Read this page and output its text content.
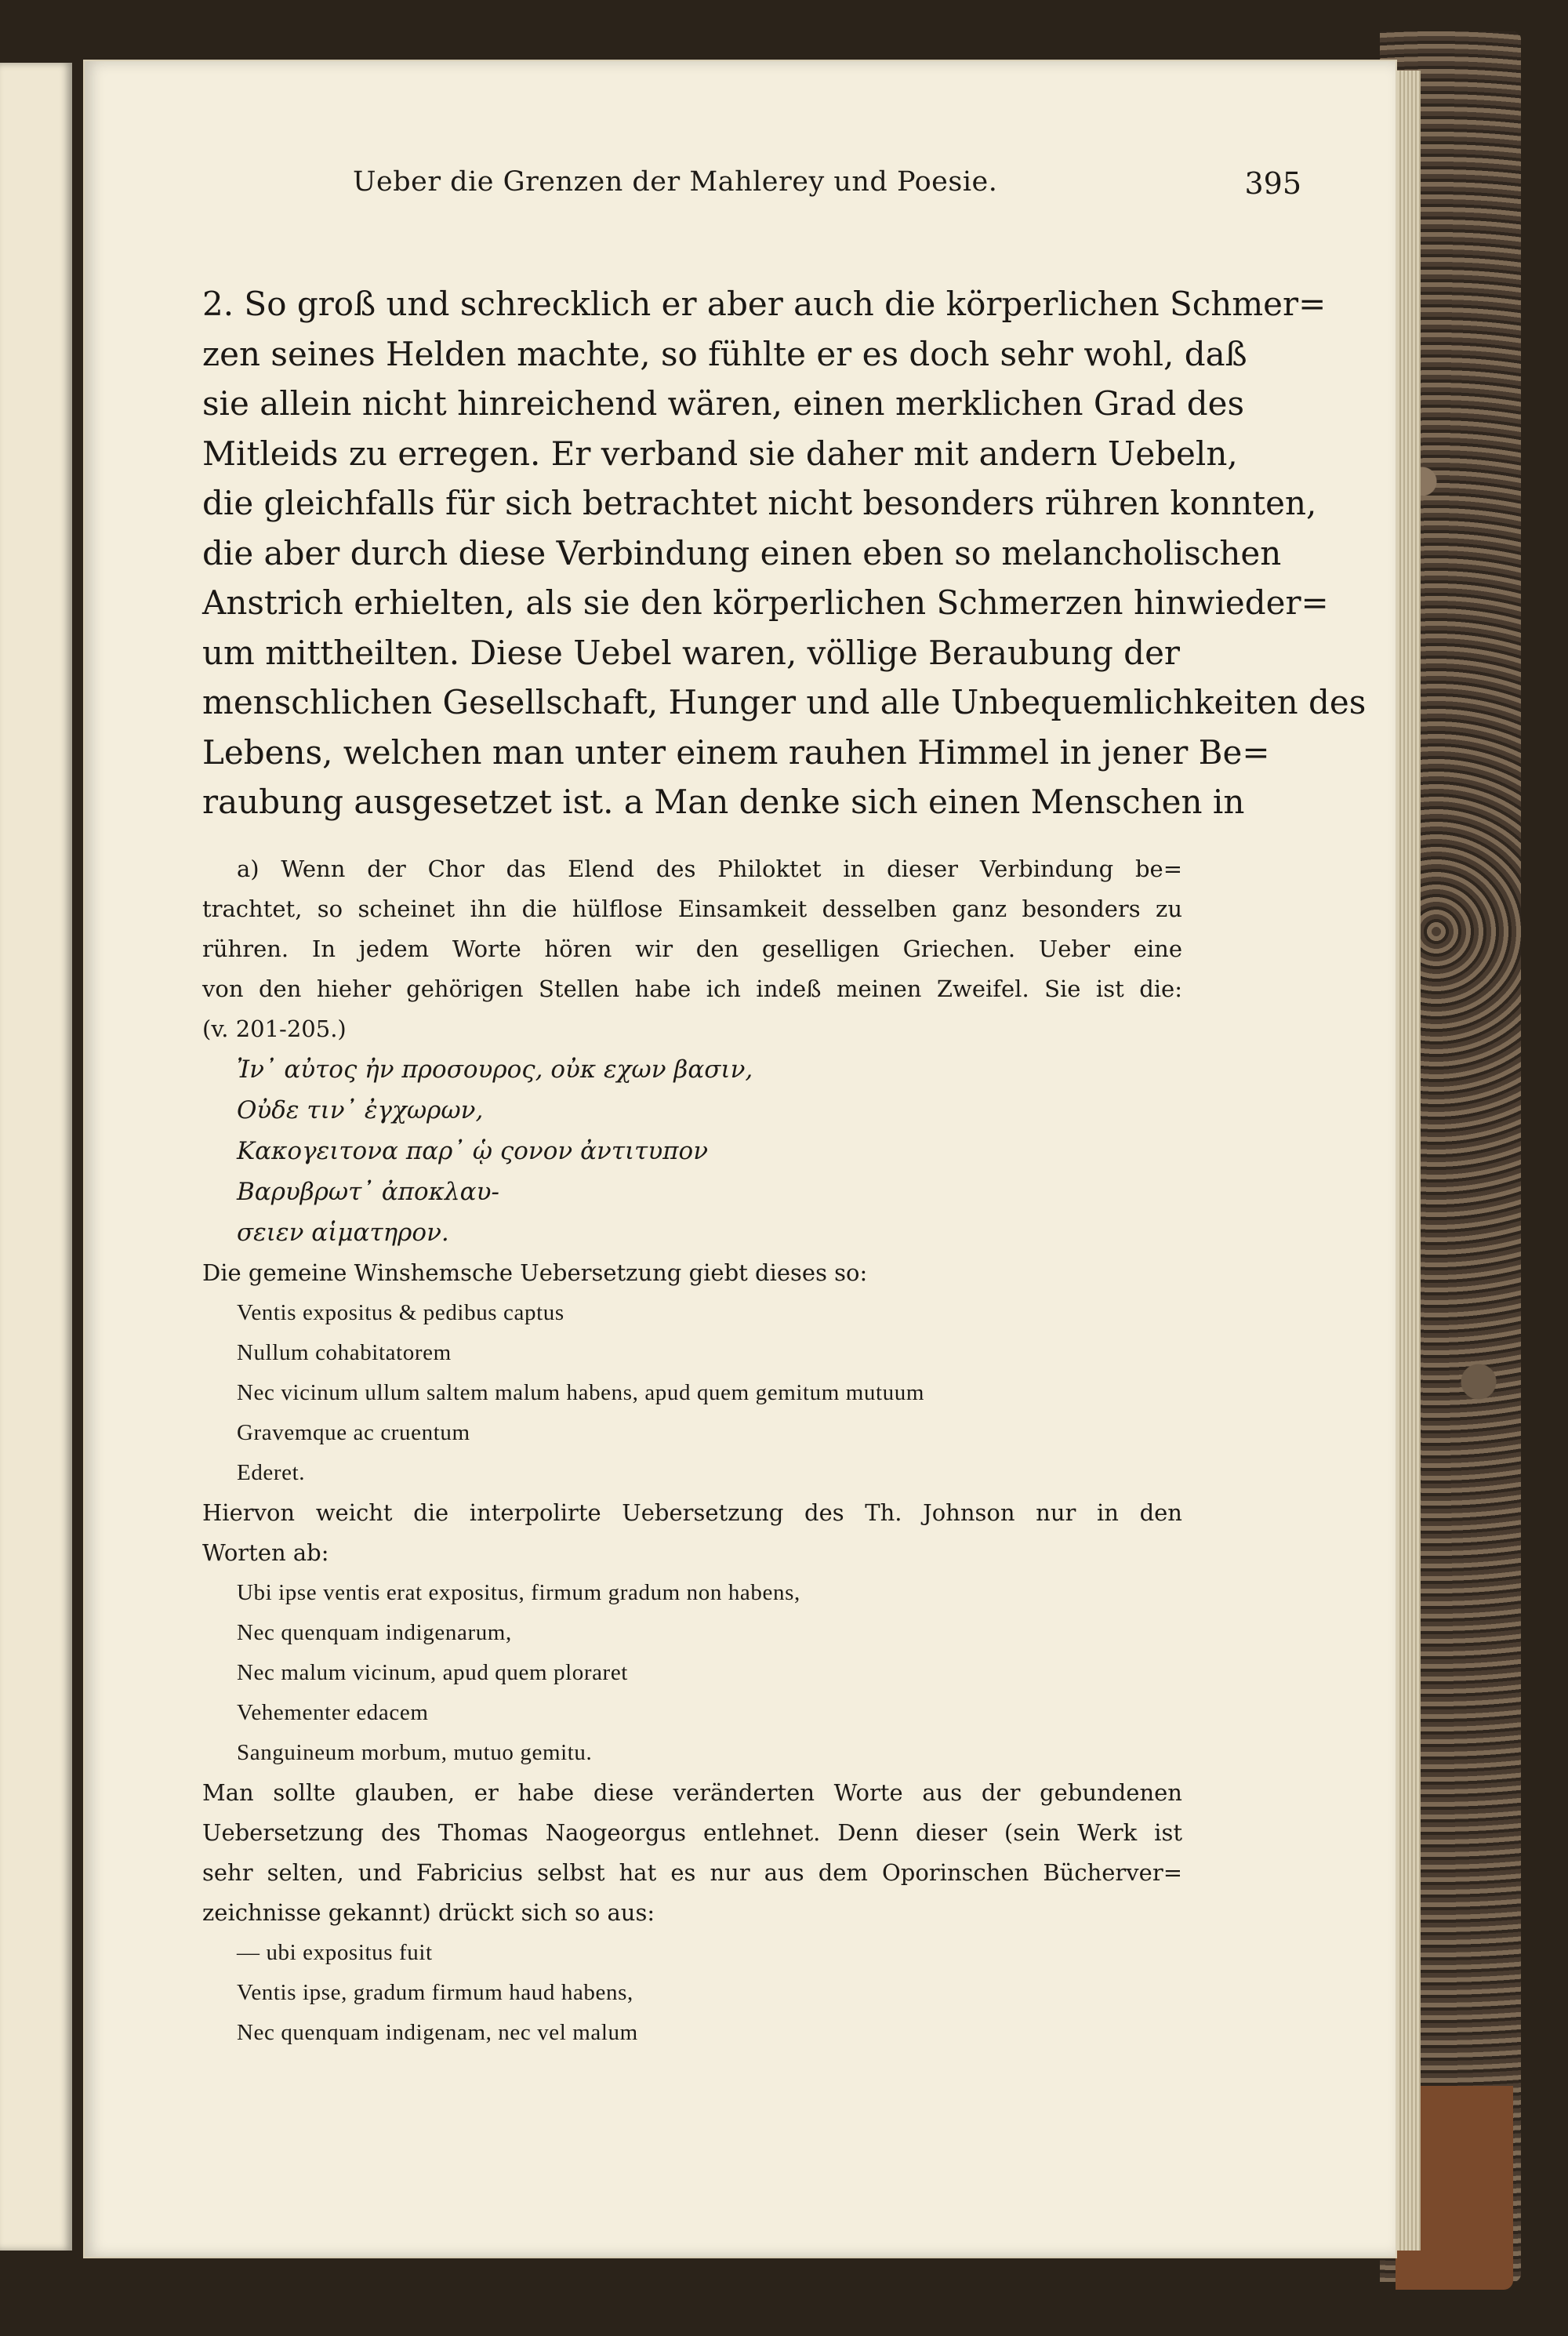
Ueber die Grenzen der Mahlerey und Poesie.	395
2. So groß und schrecklich er aber auch die körperlichen Schmer=
zen seines Helden machte, so fühlte er es doch sehr wohl, daß
sie allein nicht hinreichend wären, einen merklichen Grad des
Mitleids zu erregen. Er verband sie daher mit andern Uebeln,
die gleichfalls für sich betrachtet nicht besonders rühren konnten,
die aber durch diese Verbindung einen eben so melancholischen
Anstrich erhielten, als sie den körperlichen Schmerzen hinwieder=
um mittheilten. Diese Uebel waren, völlige Beraubung der
menschlichen Gesellschaft, Hunger und alle Unbequemlichkeiten des
Lebens, welchen man unter einem rauhen Himmel in jener Be=
raubung ausgesetzet ist. a Man denke sich einen Menschen in
a) Wenn der Chor das Elend des Philoktet in dieser Verbindung be=
trachtet, so scheinet ihn die hülflose Einsamkeit desselben ganz besonders zu
rühren. In jedem Worte hören wir den geselligen Griechen. Ueber eine
von den hieher gehörigen Stellen habe ich indeß meinen Zweifel. Sie ist die:
(v. 201-205.)
Ἰν᾽ αὐτος ἠν προσουρος, οὐκ εχων βασιν,
Οὐδε τιν᾽ ἐγχωρων,
Κακογειτονα παρ᾽ ᾡ ςονον ἀντιτυπον
Βαρυβρωτ᾽ ἀποκλαυ-
σειεν αἱματηρον.
Die gemeine Winshemsche Uebersetzung giebt dieses so:
Ventis expositus & pedibus captus
Nullum cohabitatorem
Nec vicinum ullum saltem malum habens, apud quem gemitum mutuum
Gravemque ac cruentum
Ederet.
Hiervon weicht die interpolirte Uebersetzung des Th. Johnson nur in den
Worten ab:
Ubi ipse ventis erat expositus, firmum gradum non habens,
Nec quenquam indigenarum,
Nec malum vicinum, apud quem ploraret
Vehementer edacem
Sanguineum morbum, mutuo gemitu.
Man sollte glauben, er habe diese veränderten Worte aus der gebundenen
Uebersetzung des Thomas Naogeorgus entlehnet. Denn dieser (sein Werk ist
sehr selten, und Fabricius selbst hat es nur aus dem Oporinschen Bücherver=
zeichnisse gekannt) drückt sich so aus:
— ubi expositus fuit
Ventis ipse, gradum firmum haud habens,
Nec quenquam indigenam, nec vel malum
